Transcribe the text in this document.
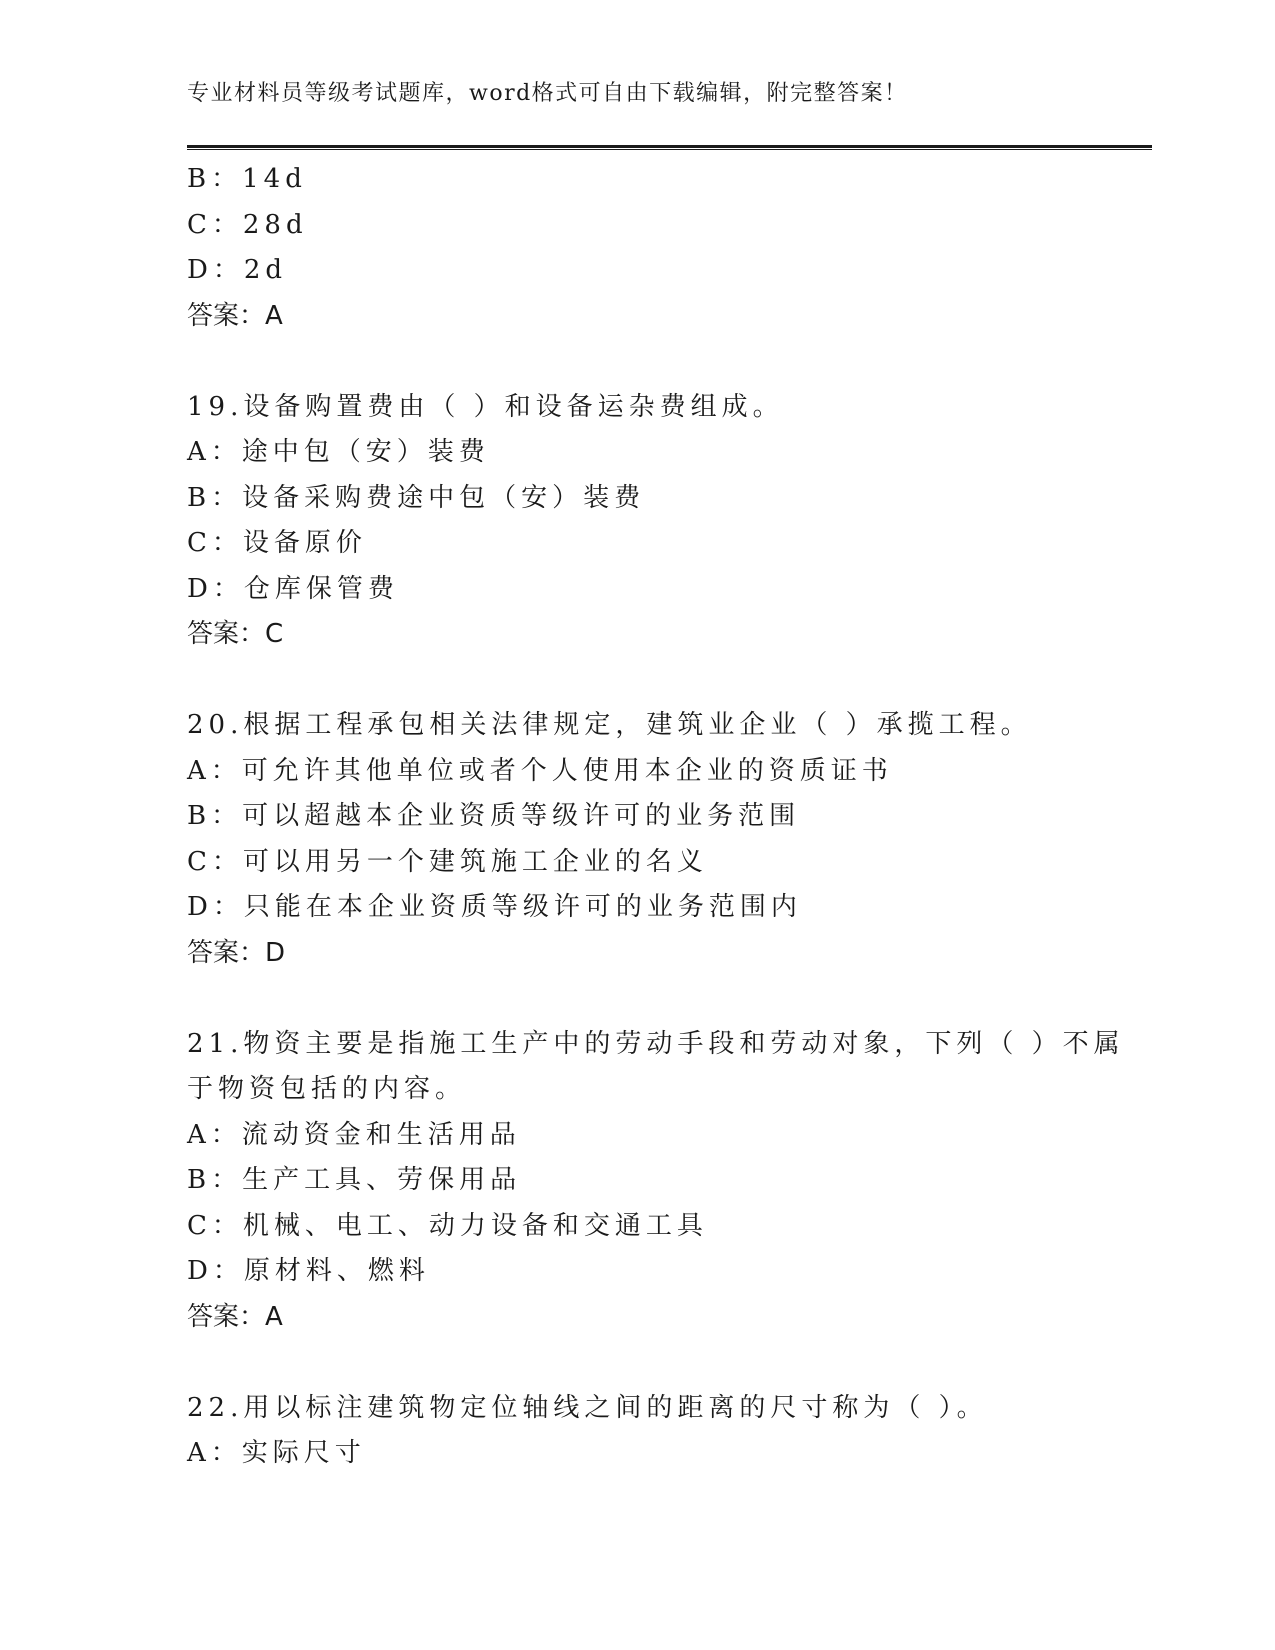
专业材料员等级考试题库，word格式可自由下载编辑，附完整答案！
B：14d
C：28d
D：2d
答案：A
19.设备购置费由（ ）和设备运杂费组成。
A：途中包（安）装费
B：设备采购费途中包（安）装费
C：设备原价
D：仓库保管费
答案：C
20.根据工程承包相关法律规定，建筑业企业（ ）承揽工程。
A：可允许其他单位或者个人使用本企业的资质证书
B：可以超越本企业资质等级许可的业务范围
C：可以用另一个建筑施工企业的名义
D：只能在本企业资质等级许可的业务范围内
答案：D
21.物资主要是指施工生产中的劳动手段和劳动对象，下列（ ）不属
于物资包括的内容。
A：流动资金和生活用品
B：生产工具、劳保用品
C：机械、电工、动力设备和交通工具
D：原材料、燃料
答案：A
22.用以标注建筑物定位轴线之间的距离的尺寸称为（ ）。
A：实际尺寸
